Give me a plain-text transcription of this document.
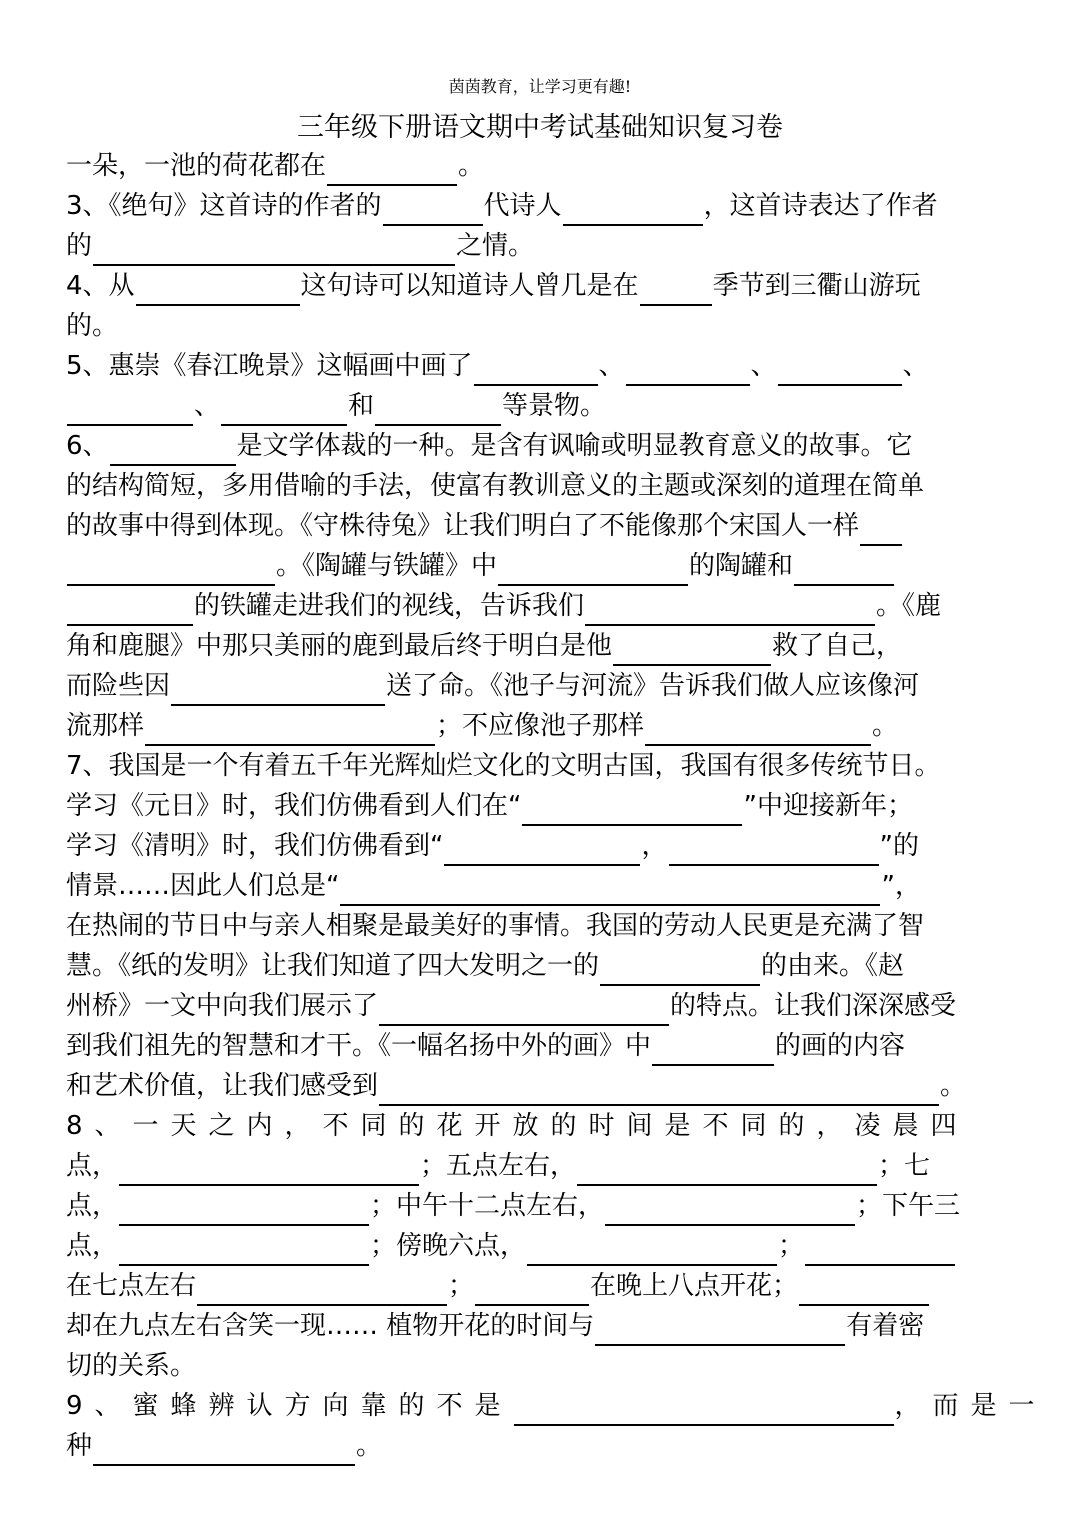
茵茵教育，让学习更有趣!
三年级下册语文期中考试基础知识复习卷
一朵，一池的荷花都在	。
3、《绝句》这首诗的作者的	代诗人	，这首诗表达了作者
的	之情。
4、从	这句诗可以知道诗人曾几是在	季节到三衢山游玩
的。
5、惠崇《春江晚景》这幅画中画了	、	、	、
、	和	等景物。
6、	是文学体裁的一种。是含有讽喻或明显教育意义的故事。它
的结构简短，多用借喻的手法，使富有教训意义的主题或深刻的道理在简单
的故事中得到体现。《守株待兔》让我们明白了不能像那个宋国人一样
。《陶罐与铁罐》中	的陶罐和
的铁罐走进我们的视线，告诉我们	。《鹿
角和鹿腿》中那只美丽的鹿到最后终于明白是他	救了自己，
而险些因	送了命。《池子与河流》告诉我们做人应该像河
流那样	；不应像池子那样	。
7、我国是一个有着五千年光辉灿烂文化的文明古国，我国有很多传统节日。
学习《元日》时，我们仿佛看到人们在“	”中迎接新年；
学习《清明》时，我们仿佛看到“	，	”的
情景……因此人们总是“	”，
在热闹的节日中与亲人相聚是最美好的事情。我国的劳动人民更是充满了智
慧。《纸的发明》让我们知道了四大发明之一的	的由来。《赵
州桥》一文中向我们展示了	的特点。让我们深深感受
到我们祖先的智慧和才干。《一幅名扬中外的画》中	的画的内容
和艺术价值，让我们感受到	。
8、一天之内，不同的花开放的时间是不同的，凌晨四
点，	；五点左右，	；七
点，	；中午十二点左右，	；下午三
点，	；傍晚六点，	；
在七点左右	；	在晚上八点开花；
却在九点左右含笑一现…… 植物开花的时间与	有着密
切的关系。
9、蜜蜂辨认方向靠的不是	，而是一
种	。
